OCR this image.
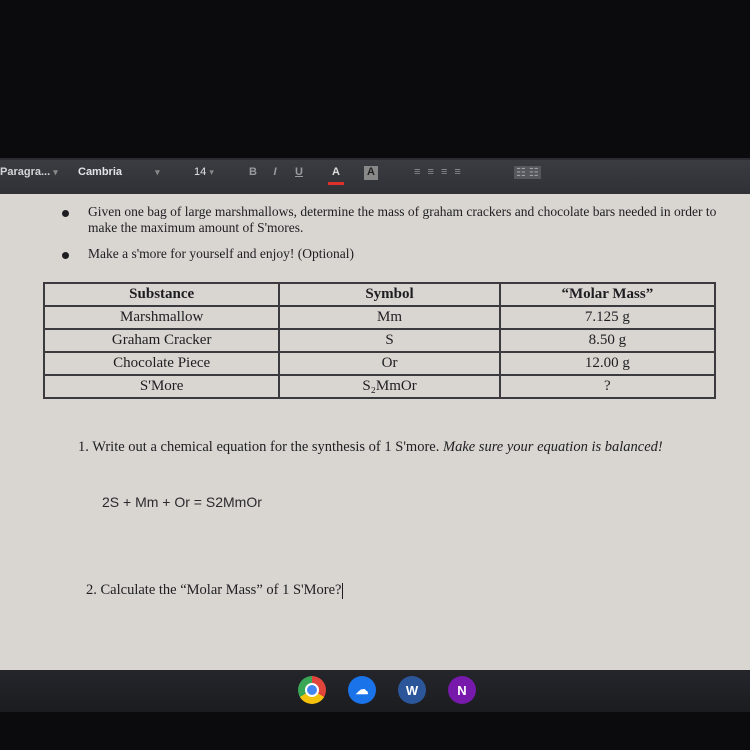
Paragra... ▾ Cambria             ▾	14 ▾	B	I	U	A	A	≡ ≡ ≡ ≡	☷ ☷
Given one bag of large marshmallows, determine the mass of graham crackers and chocolate bars needed in order to make the maximum amount of S'mores.
Make a s'more for yourself and enjoy! (Optional)
Substance	Symbol	“Molar Mass”
Marshmallow	Mm	7.125 g
Graham Cracker	S	8.50 g
Chocolate Piece	Or	12.00 g
S'More	S₂MmOr	?
1. Write out a chemical equation for the synthesis of 1 S'more. Make sure your equation is balanced!
2S + Mm + Or = S2MmOr
2. Calculate the “Molar Mass” of 1 S'More?
☁	W	N
